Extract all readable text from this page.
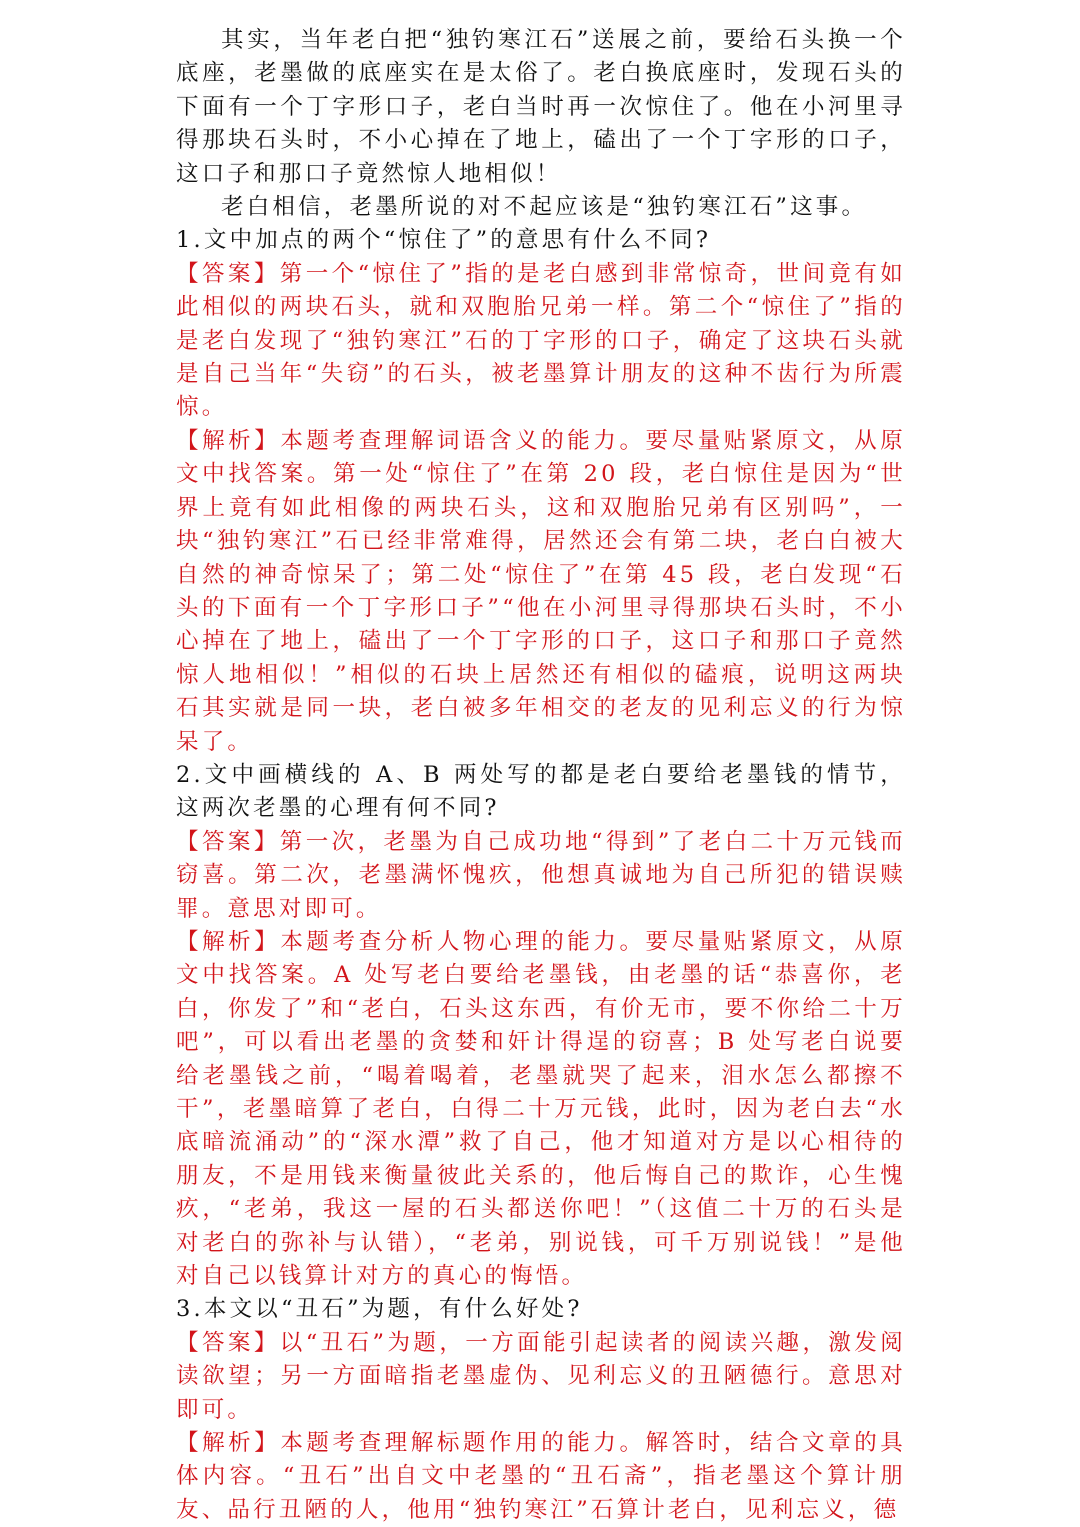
其实，当年老白把“独钓寒江石”送展之前，要给石头换一个底座，老墨做的底座实在是太俗了。老白换底座时，发现石头的下面有一个丁字形口子，老白当时再一次惊住了。他在小河里寻得那块石头时，不小心掉在了地上，磕出了一个丁字形的口子，这口子和那口子竟然惊人地相似！

老白相信，老墨所说的对不起应该是“独钓寒江石”这事。

1.文中加点的两个“惊住了”的意思有什么不同?

【答案】第一个“惊住了”指的是老白感到非常惊奇，世间竟有如此相似的两块石头，就和双胞胎兄弟一样。第二个“惊住了”指的是老白发现了“独钓寒江”石的丁字形的口子，确定了这块石头就是自己当年“失窃”的石头，被老墨算计朋友的这种不齿行为所震惊。

【解析】本题考查理解词语含义的能力。要尽量贴紧原文，从原文中找答案。第一处“惊住了”在第 20 段，老白惊住是因为“世界上竟有如此相像的两块石头，这和双胞胎兄弟有区别吗”，一块“独钓寒江”石已经非常难得，居然还会有第二块，老白白被大自然的神奇惊呆了；第二处“惊住了”在第 45 段，老白发现“石头的下面有一个丁字形口子”“他在小河里寻得那块石头时，不小心掉在了地上，磕出了一个丁字形的口子，这口子和那口子竟然惊人地相似！”相似的石块上居然还有相似的磕痕，说明这两块石其实就是同一块，老白被多年相交的老友的见利忘义的行为惊呆了。

2.文中画横线的 A、B 两处写的都是老白要给老墨钱的情节，这两次老墨的心理有何不同?

【答案】第一次，老墨为自己成功地“得到”了老白二十万元钱而窃喜。第二次，老墨满怀愧疚，他想真诚地为自己所犯的错误赎罪。意思对即可。

【解析】本题考查分析人物心理的能力。要尽量贴紧原文，从原文中找答案。A 处写老白要给老墨钱，由老墨的话“恭喜你，老白，你发了”和“老白，石头这东西，有价无市，要不你给二十万吧”，可以看出老墨的贪婪和奸计得逞的窃喜；B 处写老白说要给老墨钱之前，“喝着喝着，老墨就哭了起来，泪水怎么都擦不干”，老墨暗算了老白，白得二十万元钱，此时，因为老白去“水底暗流涌动”的“深水潭”救了自己，他才知道对方是以心相待的朋友，不是用钱来衡量彼此关系的，他后悔自己的欺诈，心生愧疚，“老弟，我这一屋的石头都送你吧！”（这值二十万的石头是对老白的弥补与认错），“老弟，别说钱，可千万别说钱！”是他对自己以钱算计对方的真心的悔悟。

3.本文以“丑石”为题，有什么好处?

【答案】以“丑石”为题，一方面能引起读者的阅读兴趣，激发阅读欲望；另一方面暗指老墨虚伪、见利忘义的丑陋德行。意思对即可。

【解析】本题考查理解标题作用的能力。解答时，结合文章的具体内容。“丑石”出自文中老墨的“丑石斋”，指老墨这个算计朋友、品行丑陋的人，他用“独钓寒江”石算计老白，见利忘义，德
